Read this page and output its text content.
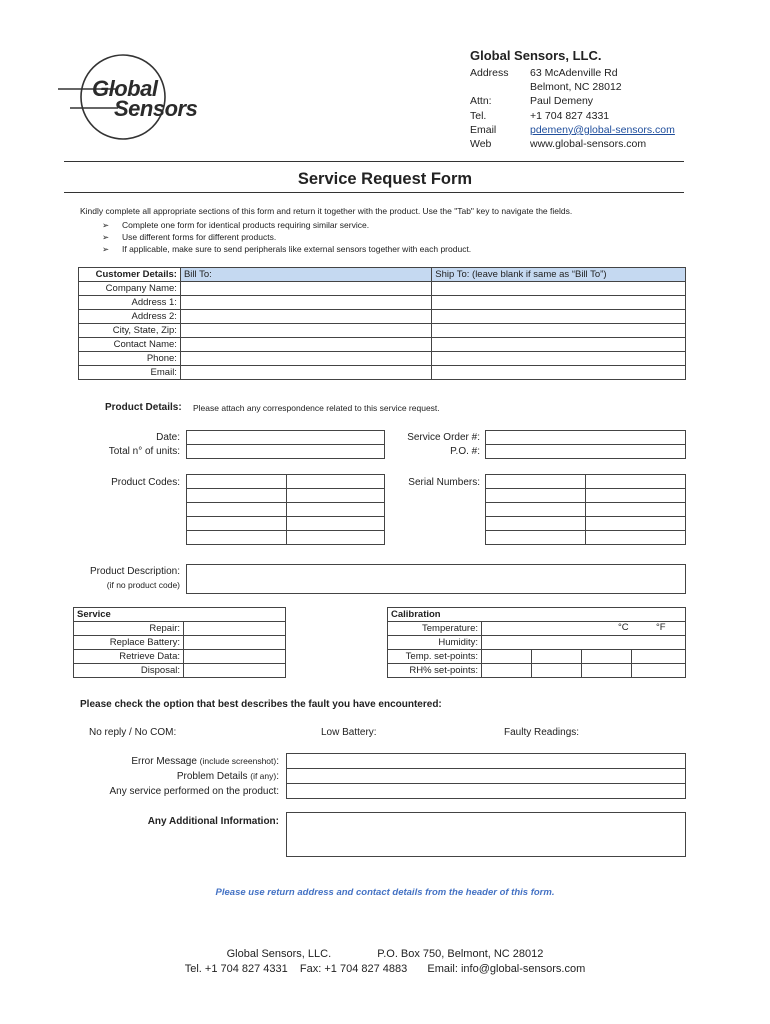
Global
Sensors
Global Sensors, LLC.
Address	63 McAdenville Rd
Belmont, NC 28012
Attn:	Paul Demeny
Tel.	+1 704 827 4331
Email	pdemeny@global-sensors.com
Web	www.global-sensors.com
Service Request Form
Kindly complete all appropriate sections of this form and return it together with the product. Use the "Tab" key to navigate the fields.
➢ Complete one form for identical products requiring similar service.
➢ Use different forms for different products.
➢ If applicable, make sure to send peripherals like external sensors together with each product.
Customer Details:	Bill To:	Ship To: (leave blank if same as “Bill To”)
Company Name:		
Address 1:		
Address 2:		
City, State, Zip:		
Contact Name:		
Phone:		
Email:		
Product Details: Please attach any correspondence related to this service request.
Date:
Total n° of units:
Service Order #:
P.O. #:
Product Codes:

		Serial Numbers:

Product Description:
(if no product code)
Service	
Repair:	
Replace Battery:	
Retrieve Data:	
Disposal:	
Calibration				
Temperature:	°C °F			

Humidity:				
Temp. set-points:				
RH% set-points:				
Please check the option that best describes the fault you have encountered:
No reply / No COM:	Low Battery:	Faulty Readings:
Error Message (include screenshot):
Problem Details (if any):
Any service performed on the product:
Any Additional Information:
Please use return address and contact details from the header of this form.
Global Sensors, LLC.	P.O. Box 750, Belmont, NC 28012
Tel. +1 704 827 4331 Fax: +1 704 827 4883 Email: info@global-sensors.com
